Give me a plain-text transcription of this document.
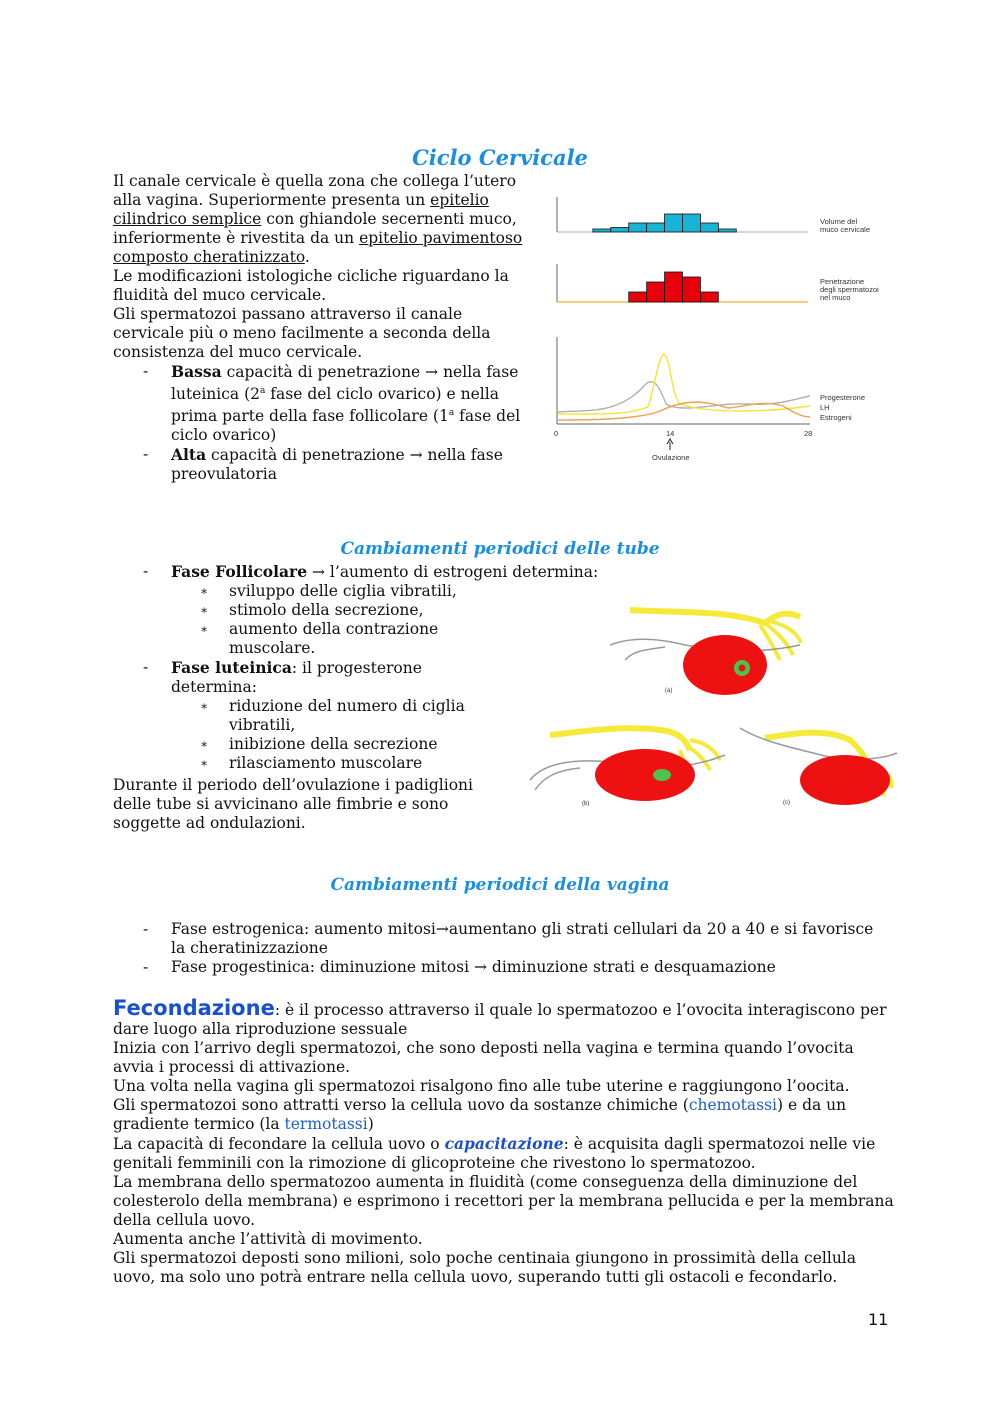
Ciclo Cervicale
Il canale cervicale è quella zona che collega l’utero
alla vagina. Superiormente presenta un epitelio
cilindrico semplice con ghiandole secernenti muco,
inferiormente è rivestita da un epitelio pavimentoso
composto cheratinizzato.
Le modificazioni istologiche cicliche riguardano la
fluidità del muco cervicale.
Gli spermatozoi passano attraverso il canale
cervicale più o meno facilmente a seconda della
consistenza del muco cervicale.
- Bassa capacità di penetrazione → nella fase
luteinica (2$^a$ fase del ciclo ovarico) e nella
prima parte della fase follicolare (1$^a$ fase del
ciclo ovarico)
- Alta capacità di penetrazione → nella fase
preovulatoria
Volume del
muco cervicale
Penetrazione
degli spermatozoi
nel muco
Progesterone
LH
Estrogeni
0	14	28
Ovulazione
Cambiamenti periodici delle tube
- Fase Follicolare → l’aumento di estrogeni determina:
∗ sviluppo delle ciglia vibratili,
∗ stimolo della secrezione,
∗ aumento della contrazione
muscolare.
- Fase luteinica: il progesterone
determina:
∗ riduzione del numero di ciglia
vibratili,
∗ inibizione della secrezione
∗ rilasciamento muscolare
Durante il periodo dell’ovulazione i padiglioni
delle tube si avvicinano alle fimbrie e sono
soggette ad ondulazioni.
(a)
(b)	(c)
Cambiamenti periodici della vagina
- Fase estrogenica: aumento mitosi→aumentano gli strati cellulari da 20 a 40 e si favorisce
la cheratinizzazione
- Fase progestinica: diminuzione mitosi → diminuzione strati e desquamazione
Fecondazione: è il processo attraverso il quale lo spermatozoo e l’ovocita interagiscono per
dare luogo alla riproduzione sessuale
Inizia con l’arrivo degli spermatozoi, che sono deposti nella vagina e termina quando l’ovocita
avvia i processi di attivazione.
Una volta nella vagina gli spermatozoi risalgono fino alle tube uterine e raggiungono l’oocita.
Gli spermatozoi sono attratti verso la cellula uovo da sostanze chimiche (chemotassi) e da un
gradiente termico (la termotassi)
La capacità di fecondare la cellula uovo o capacitazione: è acquisita dagli spermatozoi nelle vie
genitali femminili con la rimozione di glicoproteine che rivestono lo spermatozoo.
La membrana dello spermatozoo aumenta in fluidità (come conseguenza della diminuzione del
colesterolo della membrana) e esprimono i recettori per la membrana pellucida e per la membrana
della cellula uovo.
Aumenta anche l’attività di movimento.
Gli spermatozoi deposti sono milioni, solo poche centinaia giungono in prossimità della cellula
uovo, ma solo uno potrà entrare nella cellula uovo, superando tutti gli ostacoli e fecondarlo.
11
